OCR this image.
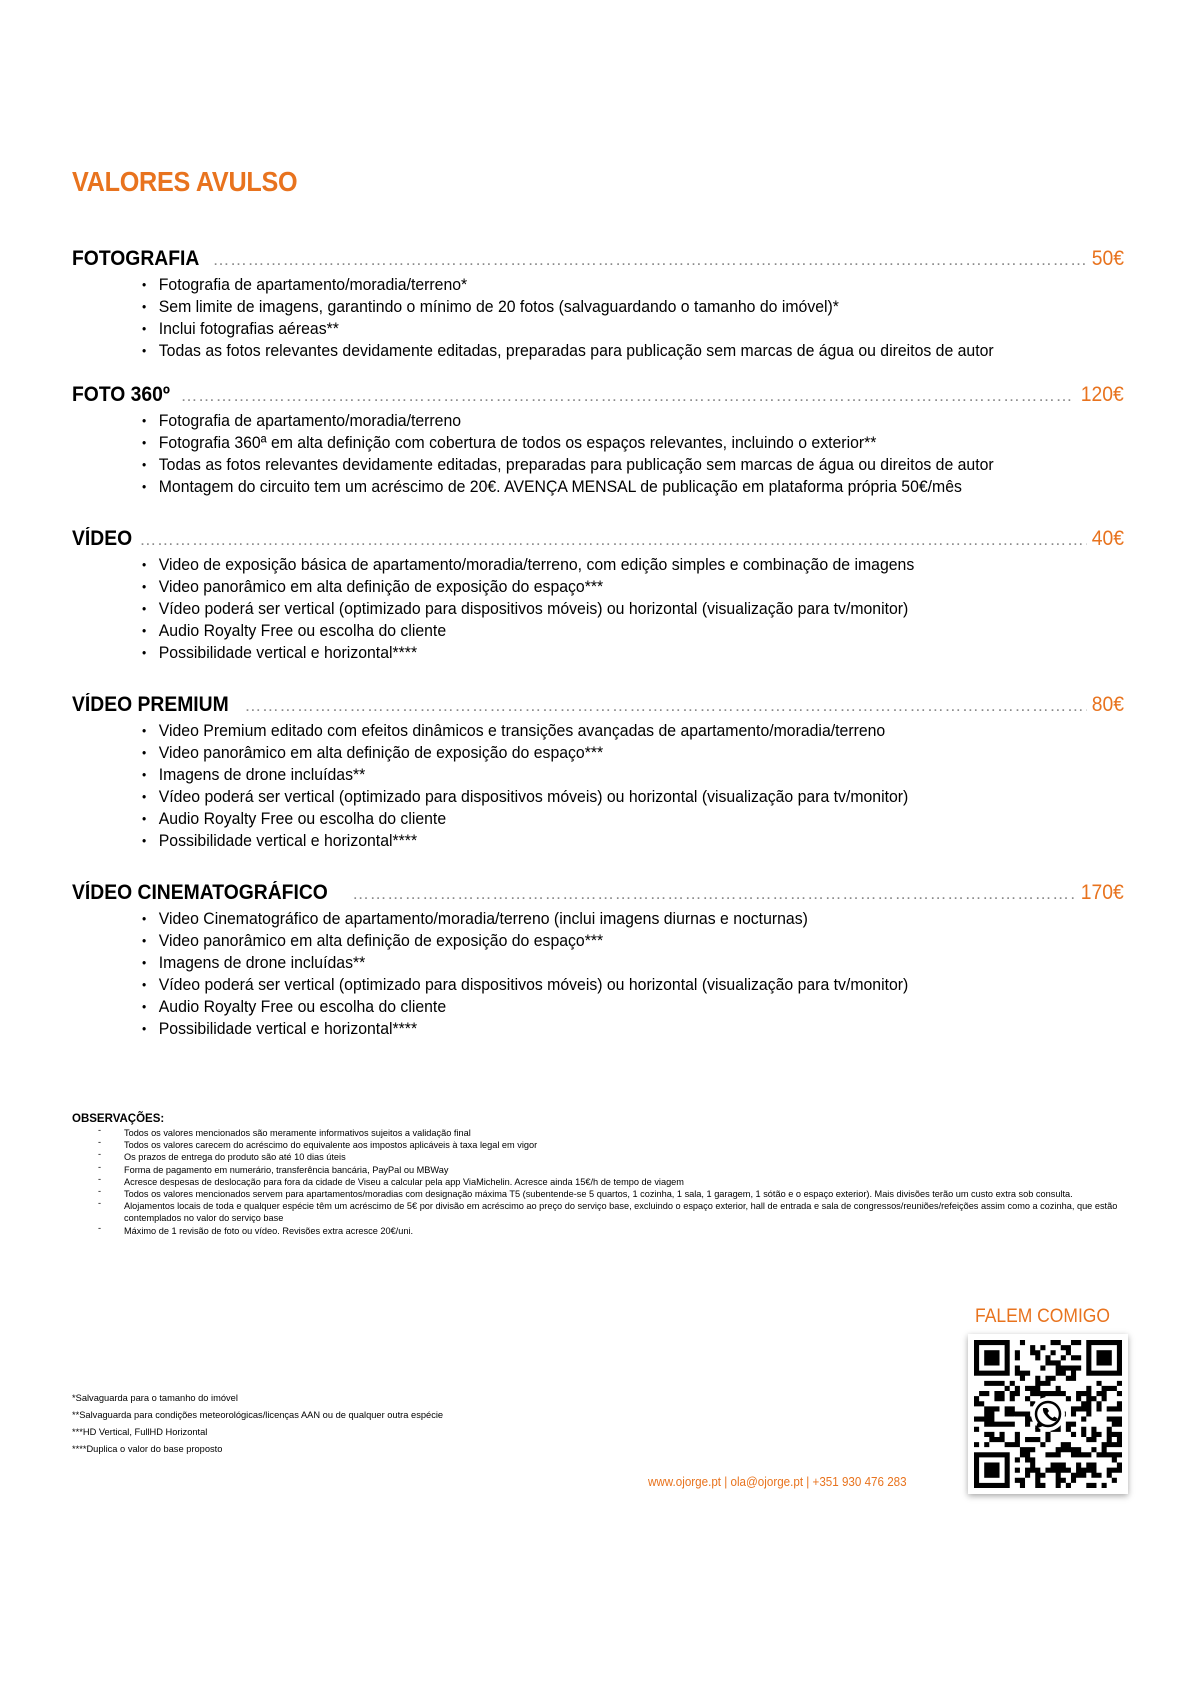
VALORES AVULSO
FOTOGRAFIA ………………………………………………………………………………………………………………………………………………………………………………………………………………………………	50€
• Fotografia de apartamento/moradia/terreno*
• Sem limite de imagens, garantindo o mínimo de 20 fotos (salvaguardando o tamanho do imóvel)*
• Inclui fotografias aéreas**
• Todas as fotos relevantes devidamente editadas, preparadas para publicação sem marcas de água ou direitos de autor
FOTO 360º ………………………………………………………………………………………………………………………………………………………………………………………………………………………………	120€
• Fotografia de apartamento/moradia/terreno
• Fotografia 360ª em alta definição com cobertura de todos os espaços relevantes, incluindo o exterior**
• Todas as fotos relevantes devidamente editadas, preparadas para publicação sem marcas de água ou direitos de autor
• Montagem do circuito tem um acréscimo de 20€. AVENÇA MENSAL de publicação em plataforma própria 50€/mês
VÍDEO ………………………………………………………………………………………………………………………………………………………………………………………………………………………………	40€
• Video de exposição básica de apartamento/moradia/terreno, com edição simples e combinação de imagens
• Video panorâmico em alta definição de exposição do espaço***
• Vídeo poderá ser vertical (optimizado para dispositivos móveis) ou horizontal (visualização para tv/monitor)
• Audio Royalty Free ou escolha do cliente
• Possibilidade vertical e horizontal****
VÍDEO PREMIUM ………………………………………………………………………………………………………………………………………………………………………………………………………………………………	80€
• Video Premium editado com efeitos dinâmicos e transições avançadas de apartamento/moradia/terreno
• Video panorâmico em alta definição de exposição do espaço***
• Imagens de drone incluídas**
• Vídeo poderá ser vertical (optimizado para dispositivos móveis) ou horizontal (visualização para tv/monitor)
• Audio Royalty Free ou escolha do cliente
• Possibilidade vertical e horizontal****
VÍDEO CINEMATOGRÁFICO ………………………………………………………………………………………………………………………………………………………………………………………………………………………………	170€
• Video Cinematográfico de apartamento/moradia/terreno (inclui imagens diurnas e nocturnas)
• Video panorâmico em alta definição de exposição do espaço***
• Imagens de drone incluídas**
• Vídeo poderá ser vertical (optimizado para dispositivos móveis) ou horizontal (visualização para tv/monitor)
• Audio Royalty Free ou escolha do cliente
• Possibilidade vertical e horizontal****
OBSERVAÇÕES:
- Todos os valores mencionados são meramente informativos sujeitos a validação final
- Todos os valores carecem do acréscimo do equivalente aos impostos aplicáveis à taxa legal em vigor
- Os prazos de entrega do produto são até 10 dias úteis
- Forma de pagamento em numerário, transferência bancária, PayPal ou MBWay
- Acresce despesas de deslocação para fora da cidade de Viseu a calcular pela app ViaMichelin. Acresce ainda 15€/h de tempo de viagem
- Todos os valores mencionados servem para apartamentos/moradias com designação máxima T5 (subentende-se 5 quartos, 1 cozinha, 1 sala, 1 garagem, 1 sótão e o espaço exterior). Mais divisões terão um custo extra sob consulta.
- Alojamentos locais de toda e qualquer espécie têm um acréscimo de 5€ por divisão em acréscimo ao preço do serviço base, excluindo o espaço exterior, hall de entrada e sala de congressos/reuniões/refeições assim como a cozinha, que estão contemplados no valor do serviço base
- Máximo de 1 revisão de foto ou vídeo. Revisões extra acresce 20€/uni.
*Salvaguarda para o tamanho do imóvel
**Salvaguarda para condições meteorológicas/licenças AAN ou de qualquer outra espécie
***HD Vertical, FullHD Horizontal
****Duplica o valor do base proposto
FALEM COMIGO
www.ojorge.pt | ola@ojorge.pt | +351 930 476 283
